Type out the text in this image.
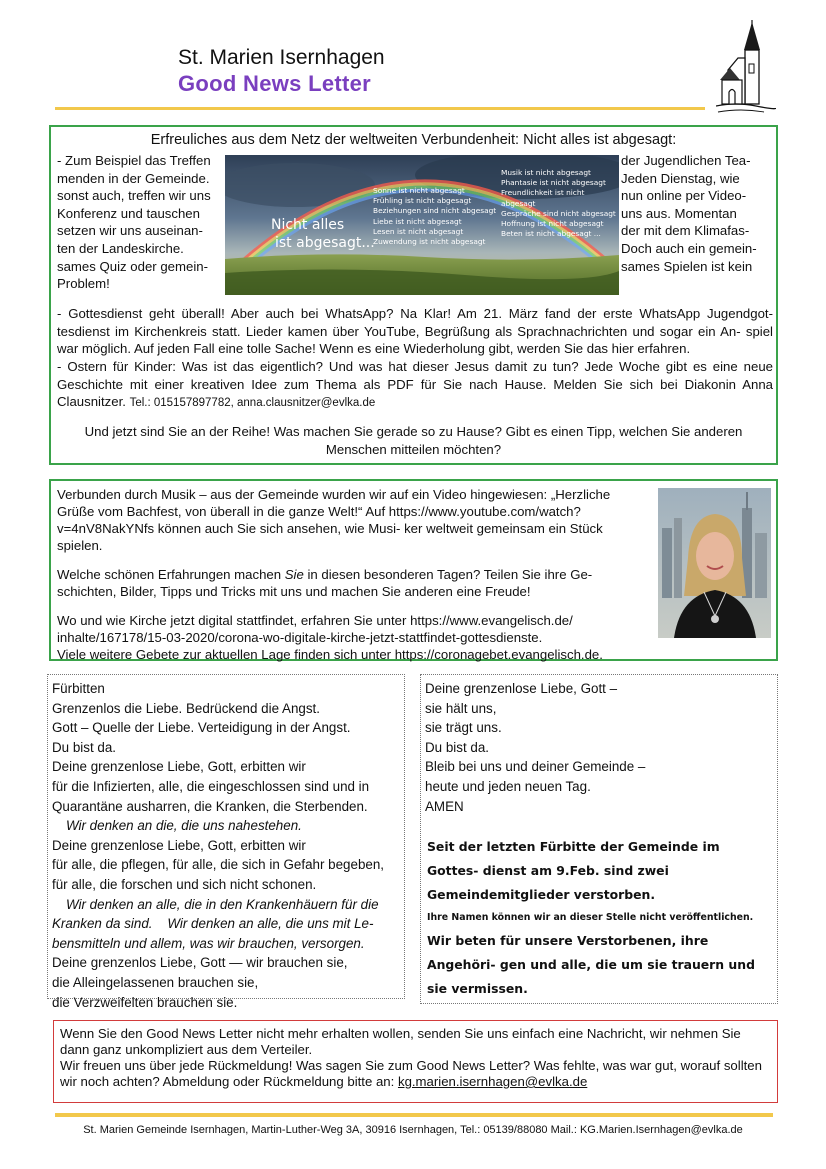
St. Marien Isernhagen
Good News Letter
Erfreuliches aus dem Netz der weltweiten Verbundenheit: Nicht alles ist abgesagt:
- Zum Beispiel das Treffen
menden in der Gemeinde.
sonst auch, treffen wir uns
Konferenz und tauschen
setzen wir uns auseinan-
ten der Landeskirche.
sames Quiz oder gemein-
Problem!
Nicht alles
ist abgesagt...
Sonne ist nicht abgesagt
Frühling ist nicht abgesagt
Beziehungen sind nicht abgesagt
Liebe ist nicht abgesagt
Lesen ist nicht abgesagt
Zuwendung ist nicht abgesagt
Musik ist nicht abgesagt
Phantasie ist nicht abgesagt
Freundlichkeit ist nicht abgesagt
Gespräche sind nicht abgesagt
Hoffnung ist nicht abgesagt
Beten ist nicht abgesagt ...
der Jugendlichen Tea-
Jeden Dienstag, wie
nun online per Video-
uns aus. Momentan
der mit dem Klimafas-
Doch auch ein gemein-
sames Spielen ist kein
- Gottesdienst geht überall! Aber auch bei WhatsApp? Na Klar! Am 21. März fand der erste WhatsApp Jugendgot- tesdienst im Kirchenkreis statt. Lieder kamen über YouTube, Begrüßung als Sprachnachrichten und sogar ein An- spiel war möglich. Auf jeden Fall eine tolle Sache! Wenn es eine Wiederholung gibt, werden Sie das hier erfahren.
- Ostern für Kinder: Was ist das eigentlich? Und was hat dieser Jesus damit zu tun? Jede Woche gibt es eine neue Geschichte mit einer kreativen Idee zum Thema als PDF für Sie nach Hause. Melden Sie sich bei Diakonin Anna Clausnitzer. Tel.: 015157897782, anna.clausnitzer@evlka.de
Und jetzt sind Sie an der Reihe! Was machen Sie gerade so zu Hause? Gibt es einen Tipp, welchen Sie anderen Menschen mitteilen möchten?

Verbunden durch Musik – aus der Gemeinde wurden wir auf ein Video hingewiesen: „Herzliche Grüße vom Bachfest, von überall in die ganze Welt!“ Auf https://www.youtube.com/watch?v=4nV8NakYNfs können auch Sie sich ansehen, wie Musi- ker weltweit gemeinsam ein Stück spielen.

Welche schönen Erfahrungen machen Sie in diesen besonderen Tagen? Teilen Sie ihre Ge- schichten, Bilder, Tipps und Tricks mit uns und machen Sie anderen eine Freude!

Wo und wie Kirche jetzt digital stattfindet, erfahren Sie unter https://www.evangelisch.de/ inhalte/167178/15-03-2020/corona-wo-digitale-kirche-jetzt-stattfindet-gottesdienste.

Viele weitere Gebete zur aktuellen Lage finden sich unter https://coronagebet.evangelisch.de.

Fürbitten
Grenzenlos die Liebe. Bedrückend die Angst.
Gott – Quelle der Liebe. Verteidigung in der Angst.
Du bist da.
Deine grenzenlose Liebe, Gott, erbitten wir
für die Infizierten, alle, die eingeschlossen sind und in
Quarantäne ausharren, die Kranken, die Sterbenden.
Wir denken an die, die uns nahestehen.
Deine grenzenlose Liebe, Gott, erbitten wir
für alle, die pflegen, für alle, die sich in Gefahr begeben,
für alle, die forschen und sich nicht schonen.
Wir denken an alle, die in den Krankenhäuern für die
Kranken da sind.    Wir denken an alle, die uns mit Le-
bensmitteln und allem, was wir brauchen, versorgen.
Deine grenzenlos Liebe, Gott — wir brauchen sie,
die Alleingelassenen brauchen sie,
die Verzweifelten brauchen sie.
Deine grenzenlose Liebe, Gott –
sie hält uns,
sie trägt uns.
Du bist da.
Bleib bei uns und deiner Gemeinde –
heute und jeden neuen Tag.
AMEN
Seit der letzten Fürbitte der Gemeinde im Gottes- dienst am 9.Feb. sind zwei Gemeindemitglieder verstorben.
Ihre Namen können wir an dieser Stelle nicht veröffentlichen.
Wir beten für unsere Verstorbenen, ihre Angehöri- gen und alle, die um sie trauern und sie vermissen.
Wenn Sie den Good News Letter nicht mehr erhalten wollen, senden Sie uns einfach eine Nachricht, wir nehmen Sie dann ganz unkompliziert aus dem Verteiler.
Wir freuen uns über jede Rückmeldung! Was sagen Sie zum Good News Letter? Was fehlte, was war gut, worauf sollten wir noch achten? Abmeldung oder Rückmeldung bitte an: kg.marien.isernhagen@evlka.de
St. Marien Gemeinde Isernhagen, Martin-Luther-Weg 3A, 30916 Isernhagen, Tel.: 05139/88080 Mail.: KG.Marien.Isernhagen@evlka.de
